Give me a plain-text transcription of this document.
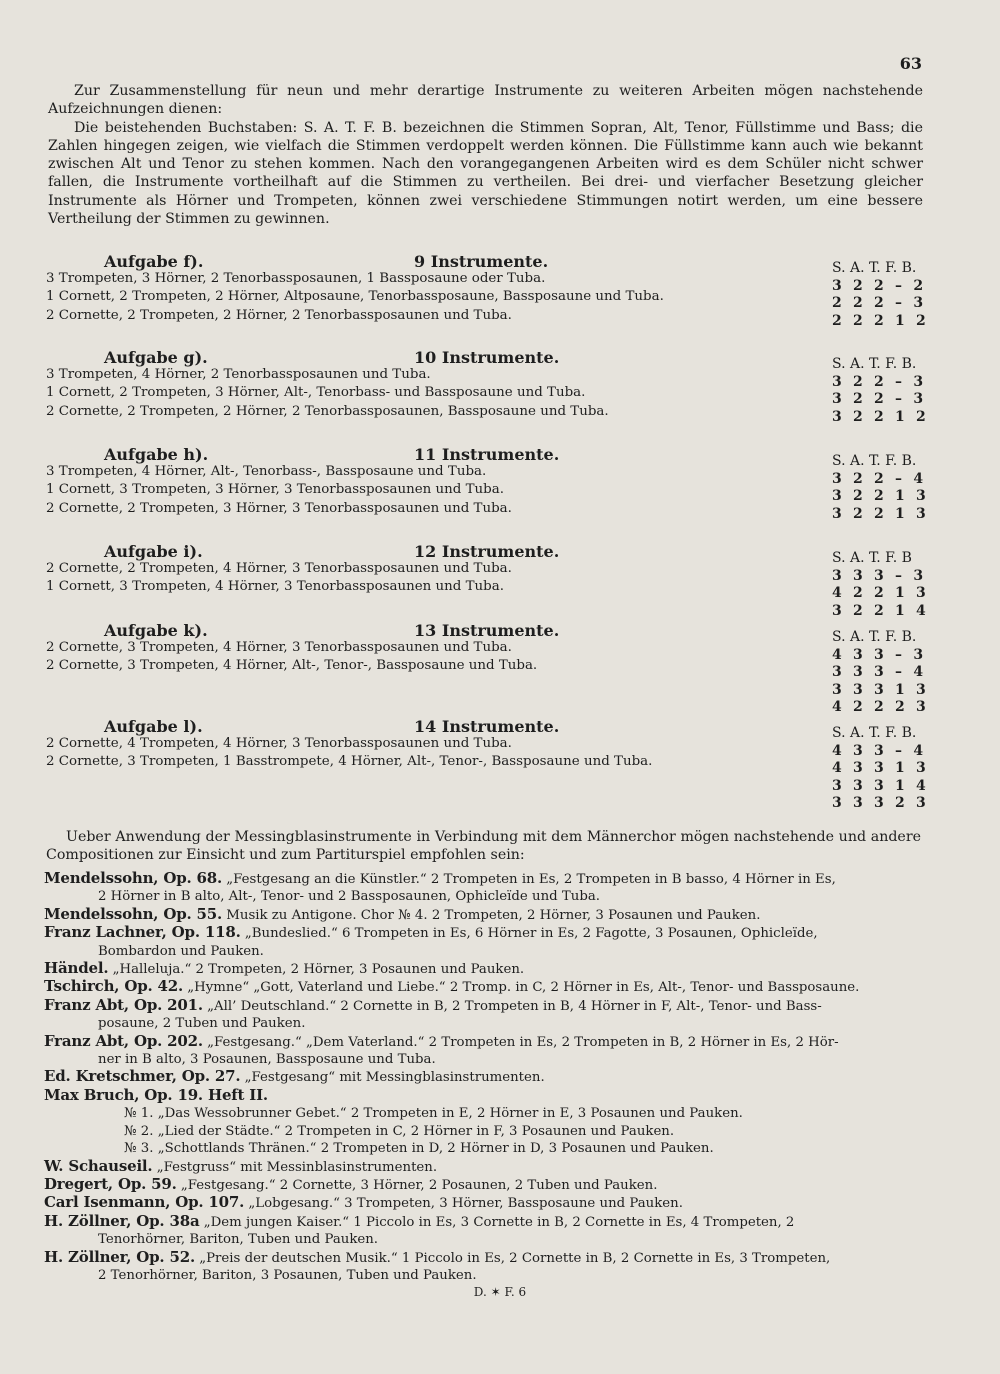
63

Zur Zusammenstellung für neun und mehr derartige Instrumente zu weiteren Arbeiten mögen nachstehende Aufzeichnungen dienen:

Die beistehenden Buchstaben: S. A. T. F. B. bezeichnen die Stimmen Sopran, Alt, Tenor, Füllstimme und Bass; die Zahlen hingegen zeigen, wie vielfach die Stimmen verdoppelt werden können. Die Füllstimme kann auch wie bekannt zwischen Alt und Tenor zu stehen kommen. Nach den vorangegangenen Arbeiten wird es dem Schüler nicht schwer fallen, die Instrumente vortheilhaft auf die Stimmen zu vertheilen. Bei drei- und vierfacher Besetzung gleicher Instrumente als Hörner und Trompeten, können zwei verschiedene Stimmungen notirt werden, um eine bessere Vertheilung der Stimmen zu gewinnen.

Aufgabe f).	9 Instrumente.
3 Trompeten, 3 Hörner, 2 Tenorbassposaunen, 1 Bassposaune oder Tuba.
1 Cornett, 2 Trompeten, 2 Hörner, Altposaune, Tenorbassposaune, Bassposaune und Tuba.
2 Cornette, 2 Trompeten, 2 Hörner, 2 Tenorbassposaunen und Tuba.
S. A. T. F. B.
3 2 2 – 2
2 2 2 – 3
2 2 2 1 2
Aufgabe g).	10 Instrumente.
3 Trompeten, 4 Hörner, 2 Tenorbassposaunen und Tuba.
1 Cornett, 2 Trompeten, 3 Hörner, Alt-, Tenorbass- und Bassposaune und Tuba.
2 Cornette, 2 Trompeten, 2 Hörner, 2 Tenorbassposaunen, Bassposaune und Tuba.
S. A. T. F. B.
3 2 2 – 3
3 2 2 – 3
3 2 2 1 2
Aufgabe h).	11 Instrumente.
3 Trompeten, 4 Hörner, Alt-, Tenorbass-, Bassposaune und Tuba.
1 Cornett, 3 Trompeten, 3 Hörner, 3 Tenorbassposaunen und Tuba.
2 Cornette, 2 Trompeten, 3 Hörner, 3 Tenorbassposaunen und Tuba.
S. A. T. F. B.
3 2 2 – 4
3 2 2 1 3
3 2 2 1 3
Aufgabe i).	12 Instrumente.
2 Cornette, 2 Trompeten, 4 Hörner, 3 Tenorbassposaunen und Tuba.
1 Cornett, 3 Trompeten, 4 Hörner, 3 Tenorbassposaunen und Tuba.
S. A. T. F. B
3 3 3 – 3
4 2 2 1 3
3 2 2 1 4
Aufgabe k).	13 Instrumente.
2 Cornette, 3 Trompeten, 4 Hörner, 3 Tenorbassposaunen und Tuba.
2 Cornette, 3 Trompeten, 4 Hörner, Alt-, Tenor-, Bassposaune und Tuba.
S. A. T. F. B.
4 3 3 – 3
3 3 3 – 4
3 3 3 1 3
4 2 2 2 3
Aufgabe l).	14 Instrumente.
2 Cornette, 4 Trompeten, 4 Hörner, 3 Tenorbassposaunen und Tuba.
2 Cornette, 3 Trompeten, 1 Basstrompete, 4 Hörner, Alt-, Tenor-, Bassposaune und Tuba.
S. A. T. F. B.
4 3 3 – 4
4 3 3 1 3
3 3 3 1 4
3 3 3 2 3

Ueber Anwendung der Messingblasinstrumente in Verbindung mit dem Männerchor mögen nachstehende und andere Compositionen zur Einsicht und zum Partiturspiel empfohlen sein:

Mendelssohn, Op. 68. „Festgesang an die Künstler.“ 2 Trompeten in Es, 2 Trompeten in B basso, 4 Hörner in Es,
2 Hörner in B alto, Alt-, Tenor- und 2 Bassposaunen, Ophicleïde und Tuba.
Mendelssohn, Op. 55. Musik zu Antigone. Chor № 4. 2 Trompeten, 2 Hörner, 3 Posaunen und Pauken.
Franz Lachner, Op. 118. „Bundeslied.“ 6 Trompeten in Es, 6 Hörner in Es, 2 Fagotte, 3 Posaunen, Ophicleïde,
Bombardon und Pauken.
Händel. „Halleluja.“ 2 Trompeten, 2 Hörner, 3 Posaunen und Pauken.
Tschirch, Op. 42. „Hymne“ „Gott, Vaterland und Liebe.“ 2 Tromp. in C, 2 Hörner in Es, Alt-, Tenor- und Bassposaune.
Franz Abt, Op. 201. „All’ Deutschland.“ 2 Cornette in B, 2 Trompeten in B, 4 Hörner in F, Alt-, Tenor- und Bass-
posaune, 2 Tuben und Pauken.
Franz Abt, Op. 202. „Festgesang.“ „Dem Vaterland.“ 2 Trompeten in Es, 2 Trompeten in B, 2 Hörner in Es, 2 Hör-
ner in B alto, 3 Posaunen, Bassposaune und Tuba.
Ed. Kretschmer, Op. 27. „Festgesang“ mit Messingblasinstrumenten.
Max Bruch, Op. 19. Heft II.
№ 1. „Das Wessobrunner Gebet.“ 2 Trompeten in E, 2 Hörner in E, 3 Posaunen und Pauken.
№ 2. „Lied der Städte.“ 2 Trompeten in C, 2 Hörner in F, 3 Posaunen und Pauken.
№ 3. „Schottlands Thränen.“ 2 Trompeten in D, 2 Hörner in D, 3 Posaunen und Pauken.
W. Schauseil. „Festgruss“ mit Messinblasinstrumenten.
Dregert, Op. 59. „Festgesang.“ 2 Cornette, 3 Hörner, 2 Posaunen, 2 Tuben und Pauken.
Carl Isenmann, Op. 107. „Lobgesang.“ 3 Trompeten, 3 Hörner, Bassposaune und Pauken.
H. Zöllner, Op. 38a „Dem jungen Kaiser.“ 1 Piccolo in Es, 3 Cornette in B, 2 Cornette in Es, 4 Trompeten, 2
Tenorhörner, Bariton, Tuben und Pauken.
H. Zöllner, Op. 52. „Preis der deutschen Musik.“ 1 Piccolo in Es, 2 Cornette in B, 2 Cornette in Es, 3 Trompeten,
2 Tenorhörner, Bariton, 3 Posaunen, Tuben und Pauken.
D. ✶ F. 6
